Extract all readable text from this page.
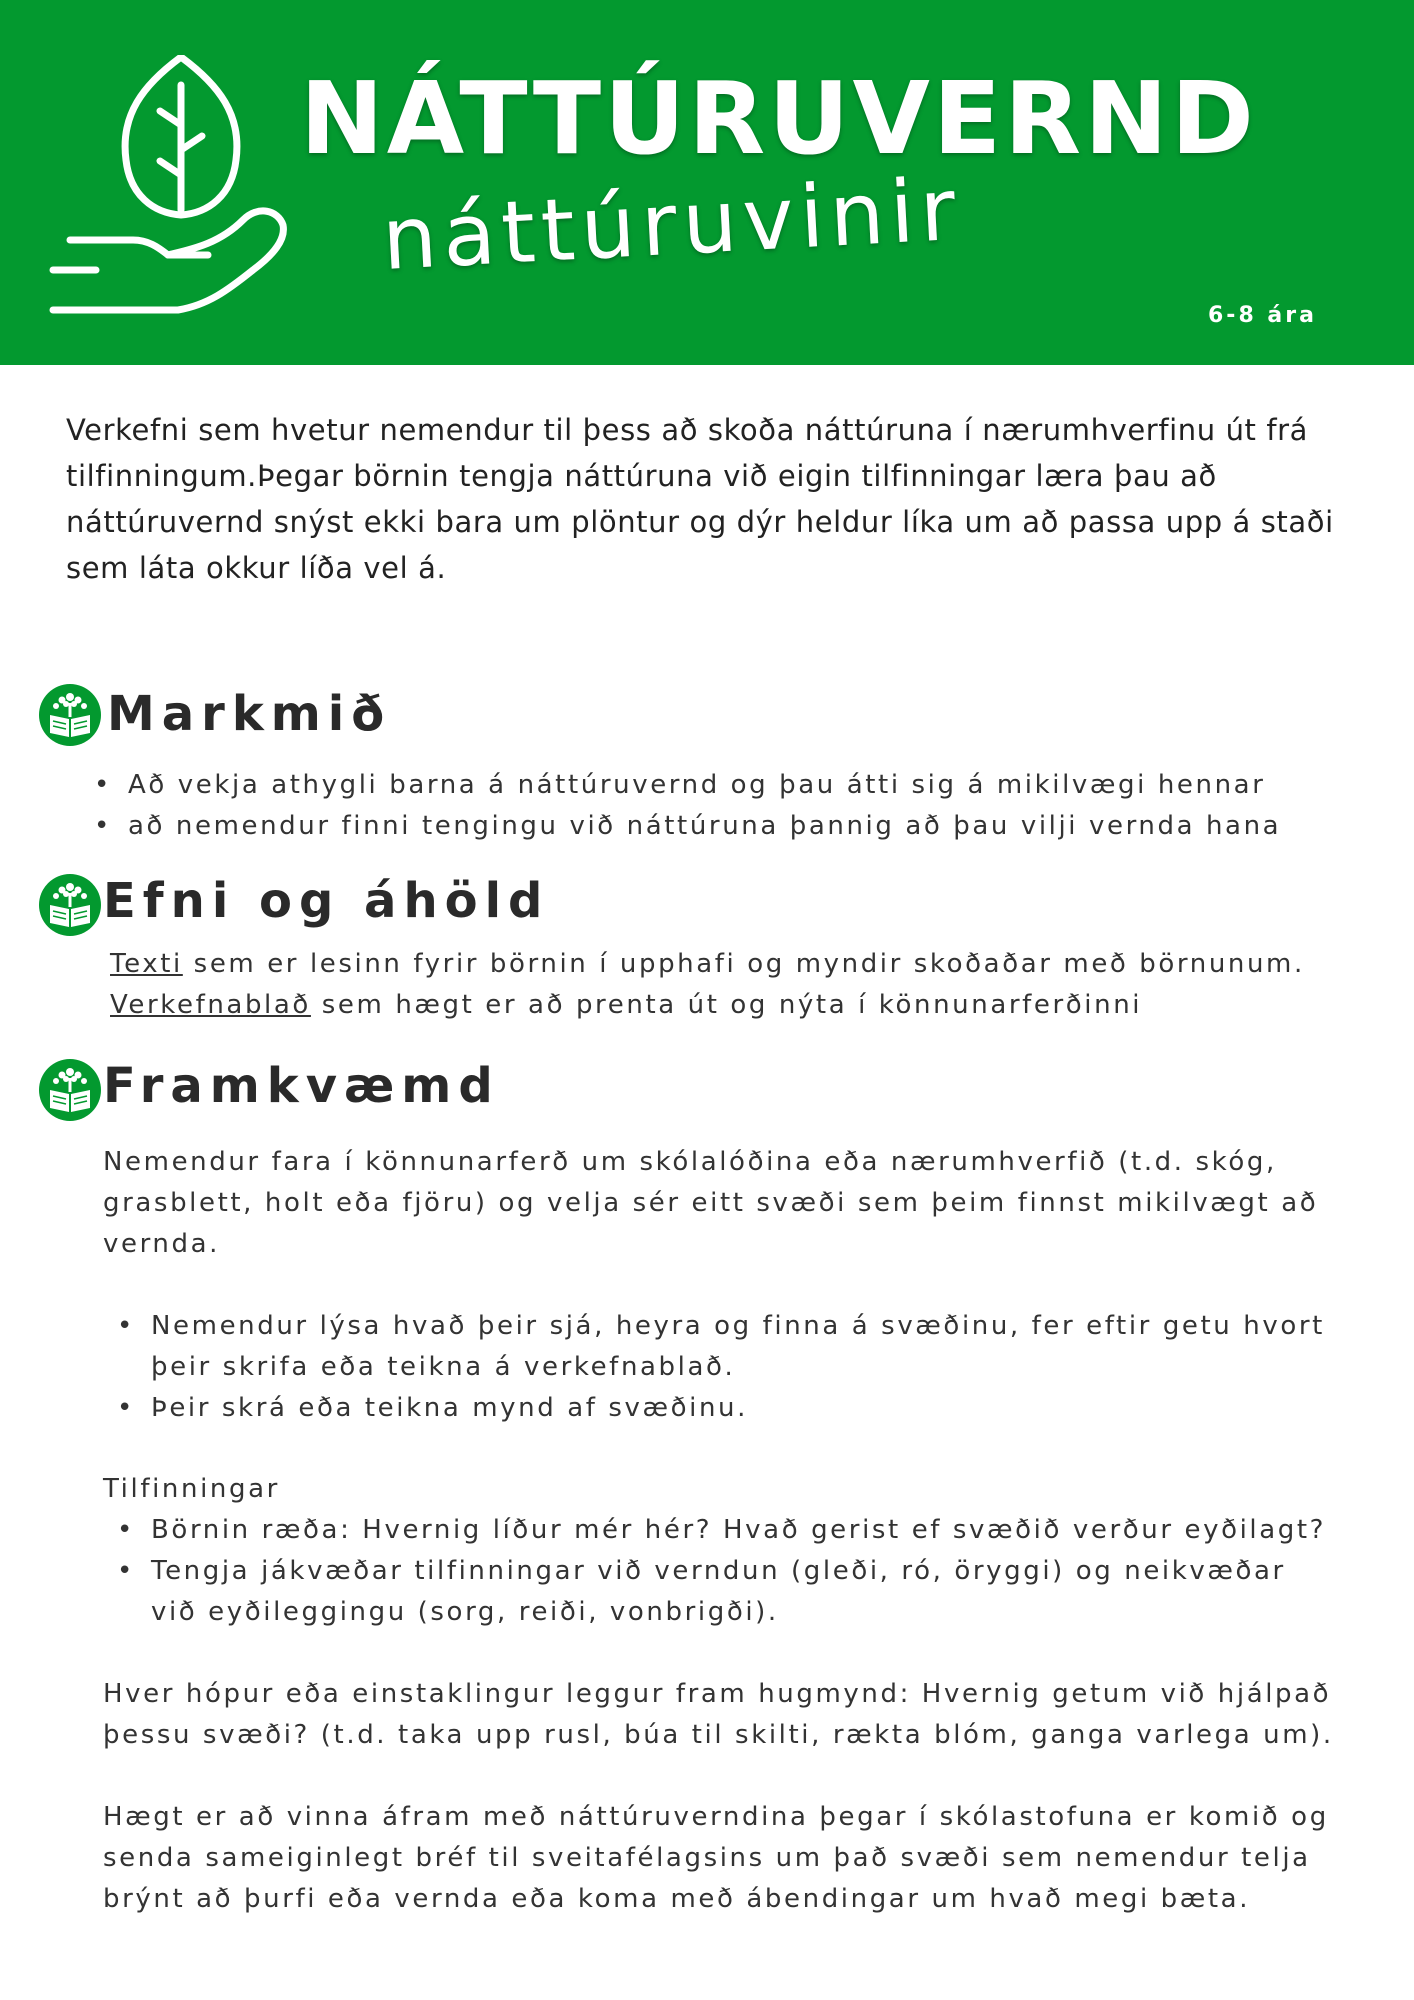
NÁTTÚRUVERND
náttúruvinir
6-8 ára

Verkefni sem hvetur nemendur til þess að skoða náttúruna í nærumhverfinu út frá tilfinningum.Þegar börnin tengja náttúruna við eigin tilfinningar læra þau að náttúruvernd snýst ekki bara um plöntur og dýr heldur líka um að passa upp á staði sem láta okkur líða vel á.

Markmið
• Að vekja athygli barna á náttúruvernd og þau átti sig á mikilvægi hennar
• að nemendur finni tengingu við náttúruna þannig að þau vilji vernda hana
Efni og áhöld
Texti sem er lesinn fyrir börnin í upphafi og myndir skoðaðar með börnunum.
Verkefnablað sem hægt er að prenta út og nýta í könnunarferðinni
Framkvæmd

Nemendur fara í könnunarferð um skólalóðina eða nærumhverfið (t.d. skóg, grasblett, holt eða fjöru) og velja sér eitt svæði sem þeim finnst mikilvægt að vernda.

• Nemendur lýsa hvað þeir sjá, heyra og finna á svæðinu, fer eftir getu hvort þeir skrifa eða teikna á verkefnablað.
• Þeir skrá eða teikna mynd af svæðinu.
Tilfinningar
• Börnin ræða: Hvernig líður mér hér? Hvað gerist ef svæðið verður eyðilagt?
• Tengja jákvæðar tilfinningar við verndun (gleði, ró, öryggi) og neikvæðar við eyðileggingu (sorg, reiði, vonbrigði).

Hver hópur eða einstaklingur leggur fram hugmynd: Hvernig getum við hjálpað þessu svæði? (t.d. taka upp rusl, búa til skilti, rækta blóm, ganga varlega um).

Hægt er að vinna áfram með náttúruverndina þegar í skólastofuna er komið og senda sameiginlegt bréf til sveitafélagsins um það svæði sem nemendur telja brýnt að þurfi eða vernda eða koma með ábendingar um hvað megi bæta.
